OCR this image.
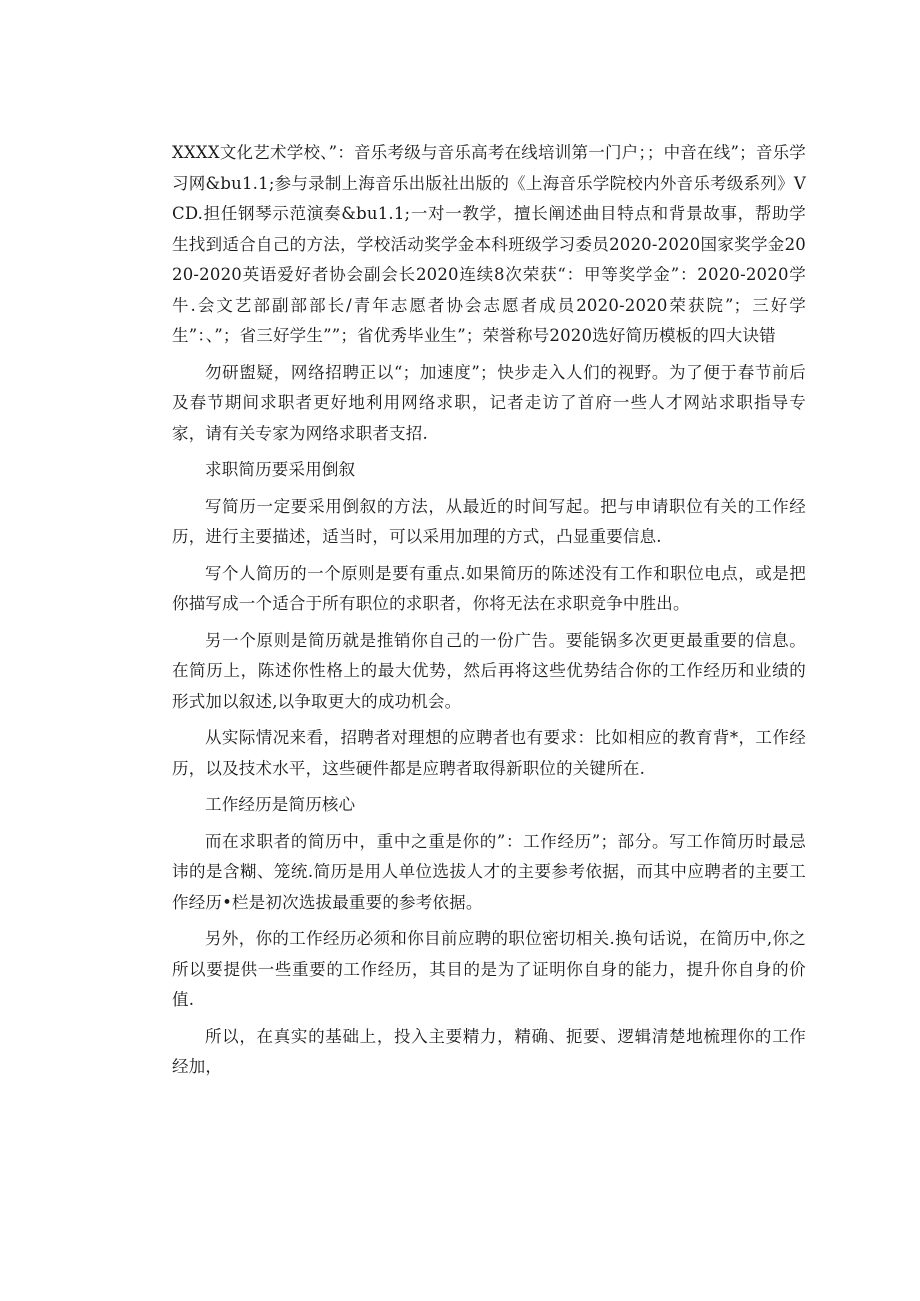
XXXX文化艺术学校、”：音乐考级与音乐高考在线培训第一门户；；中音在线”；音乐学习网&bu1.1;参与录制上海音乐出版社出版的《上海音乐学院校内外音乐考级系列》VCD.担任钢琴示范演奏&bu1.1;一对一教学，擅长阐述曲目特点和背景故事，帮助学生找到适合自己的方法，学校活动奖学金本科班级学习委员2020-2020国家奖学金2020-2020英语爱好者协会副会长2020连续8次荣获“：甲等奖学金”：2020-2020学牛.会文艺部副部部长/青年志愿者协会志愿者成员2020-2020荣获院”；三好学生”：、”；省三好学生””；省优秀毕业生”；荣誉称号2020选好简历模板的四大诀错

勿研盥疑，网络招聘正以“；加速度”；快步走入人们的视野。为了便于春节前后及春节期间求职者更好地利用网络求职，记者走访了首府一些人才网站求职指导专家，请有关专家为网络求职者支招.

求职简历要采用倒叙

写简历一定要采用倒叙的方法，从最近的时间写起。把与申请职位有关的工作经历，进行主要描述，适当时，可以采用加理的方式，凸显重要信息.

写个人简历的一个原则是要有重点.如果简历的陈述没有工作和职位电点，或是把你描写成一个适合于所有职位的求职者，你将无法在求职竞争中胜出。

另一个原则是简历就是推销你自己的一份广告。要能锅多次更更最重要的信息。在简历上，陈述你性格上的最大优势，然后再将这些优势结合你的工作经历和业绩的形式加以叙述,以争取更大的成功机会。

从实际情况来看，招聘者对理想的应聘者也有要求：比如相应的教育背*，工作经历，以及技术水平，这些硬件都是应聘者取得新职位的关键所在.

工作经历是简历核心

而在求职者的简历中，重中之重是你的”：工作经历”；部分。写工作简历时最忌讳的是含糊、笼统.简历是用人单位选拔人才的主要参考依据，而其中应聘者的主要工作经历•栏是初次选拔最重要的参考依据。

另外，你的工作经历必须和你目前应聘的职位密切相关.换句话说，在简历中,你之所以要提供一些重要的工作经历，其目的是为了证明你自身的能力，提升你自身的价值.

所以，在真实的基础上，投入主要精力，精确、扼要、逻辑清楚地梳理你的工作经加，
